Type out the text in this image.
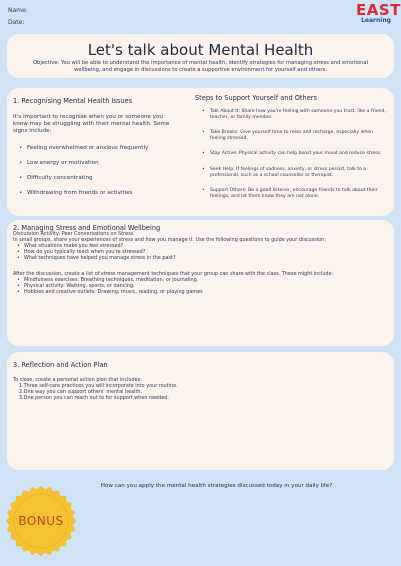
Name:
Date:
EAST
Learning
Let's talk about Mental Health
Objective: You will be able to understand the importance of mental health, identify strategies for managing stress and emotional wellbeing, and engage in discussions to create a supportive environment for yourself and others.
1. Recognising Mental Health Issues
It's important to recognise when you or someone you know may be struggling with their mental health. Some signs include:
• Feeling overwhelmed or anxious frequently
• Low energy or motivation
• Difficulty concentrating
• Withdrawing from friends or activities
Steps to Support Yourself and Others
• Talk About It: Share how you're feeling with someone you trust, like a friend, teacher, or family member.
• Take Breaks: Give yourself time to relax and recharge, especially when feeling stressed.
• Stay Active: Physical activity can help boost your mood and reduce stress.
• Seek Help: If feelings of sadness, anxiety, or stress persist, talk to a professional, such as a school counsellor or therapist.
• Support Others: Be a good listener, encourage friends to talk about their feelings, and let them know they are not alone.
2. Managing Stress and Emotional Wellbeing
Discussion Activity: Peer Conversations on Stress
In small groups, share your experiences of stress and how you manage it. Use the following questions to guide your discussion:
• What situations make you feel stressed?
• How do you typically react when you're stressed?
• What techniques have helped you manage stress in the past?
After the discussion, create a list of stress management techniques that your group can share with the class. These might include:
• Mindfulness exercises: Breathing techniques, meditation, or journaling.
• Physical activity: Walking, sports, or dancing.
• Hobbies and creative outlets: Drawing, music, reading, or playing games
3. Reflection and Action Plan
To close, create a personal action plan that includes:
1.Three self-care practices you will incorporate into your routine.
2.One way you can support others' mental health.
3.One person you can reach out to for support when needed.
How can you apply the mental health strategies discussed today in your daily life?
BONUS
